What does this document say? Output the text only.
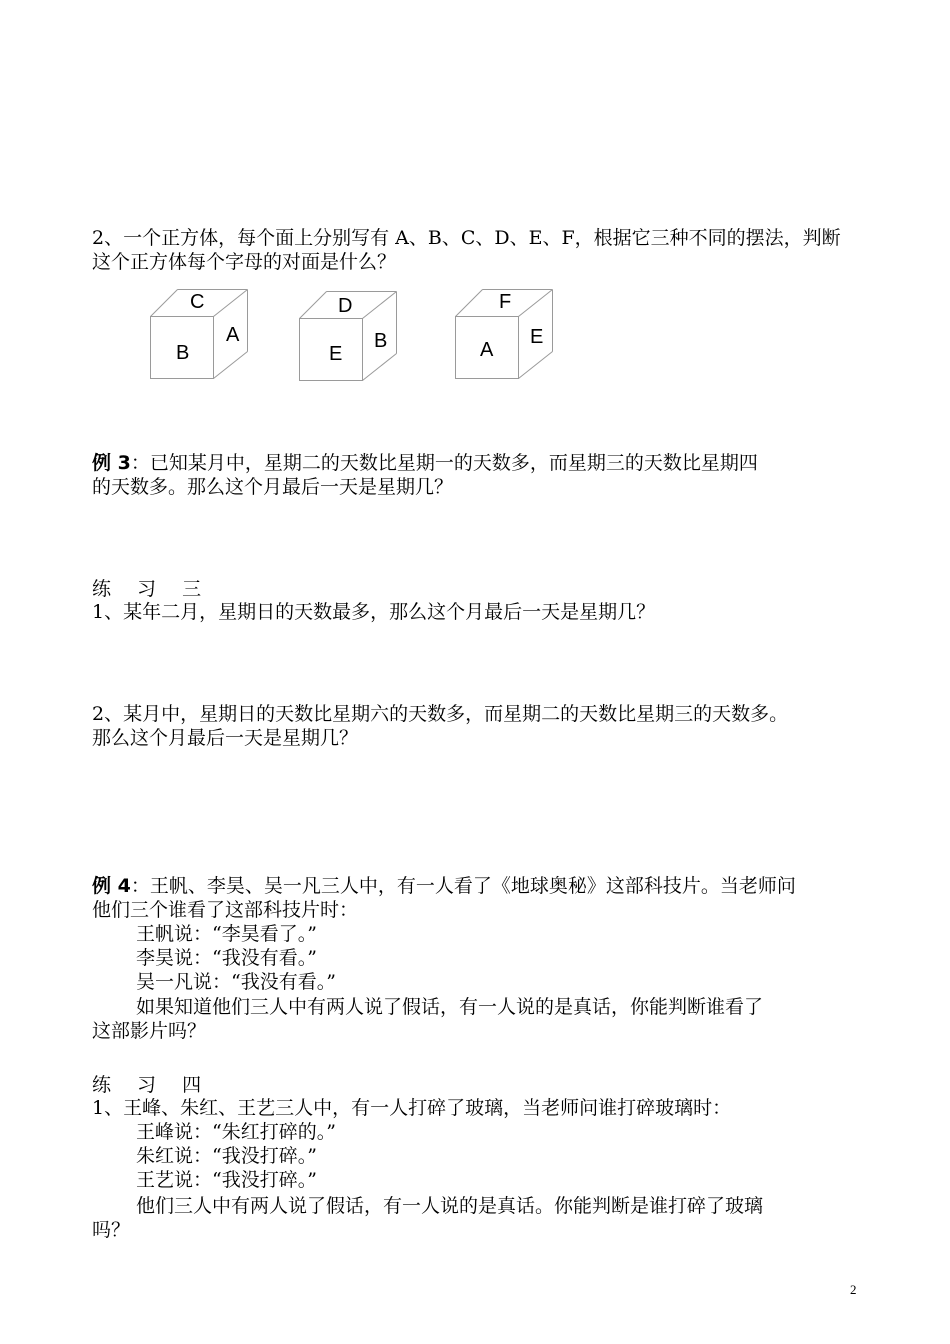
2、一个正方体，每个面上分别写有 A、B、C、D、E、F，根据它三种不同的摆法，判断
这个正方体每个字母的对面是什么？
C
B
A
D
E
B
F
A
E
例 3：已知某月中，星期二的天数比星期一的天数多，而星期三的天数比星期四
的天数多。那么这个月最后一天是星期几？
练 习 三
1、某年二月，星期日的天数最多，那么这个月最后一天是星期几？
2、某月中，星期日的天数比星期六的天数多，而星期二的天数比星期三的天数多。
那么这个月最后一天是星期几？
例 4：王帆、李昊、吴一凡三人中，有一人看了《地球奥秘》这部科技片。当老师问
他们三个谁看了这部科技片时：
王帆说：“李昊看了。”
李昊说：“我没有看。”
吴一凡说：“我没有看。”
如果知道他们三人中有两人说了假话，有一人说的是真话，你能判断谁看了
这部影片吗？
练 习 四
1、王峰、朱红、王艺三人中，有一人打碎了玻璃，当老师问谁打碎玻璃时：
王峰说：“朱红打碎的。”
朱红说：“我没打碎。”
王艺说：“我没打碎。”
他们三人中有两人说了假话，有一人说的是真话。你能判断是谁打碎了玻璃
吗？
2
